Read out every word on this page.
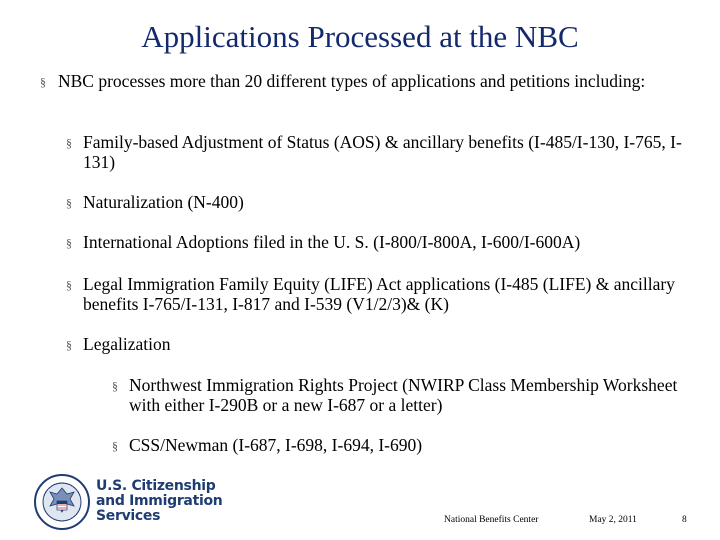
Applications Processed at the NBC
§ NBC processes more than 20 different types of applications and petitions including:
§ Family-based Adjustment of Status (AOS) & ancillary benefits (I-485/I-130, I-765, I-131)
§ Naturalization (N-400)
§ International Adoptions filed in the U. S. (I-800/I-800A, I-600/I-600A)
§ Legal Immigration Family Equity (LIFE) Act applications (I-485 (LIFE) & ancillary benefits I-765/I-131, I-817 and I-539 (V1/2/3)& (K)
§ Legalization
§ Northwest Immigration Rights Project (NWIRP Class Membership Worksheet with either I-290B or a new I-687 or a letter)
§ CSS/Newman (I-687, I-698, I-694, I-690)
U.S. Citizenship
and Immigration
Services	National Benefits Center	May 2, 2011	8
